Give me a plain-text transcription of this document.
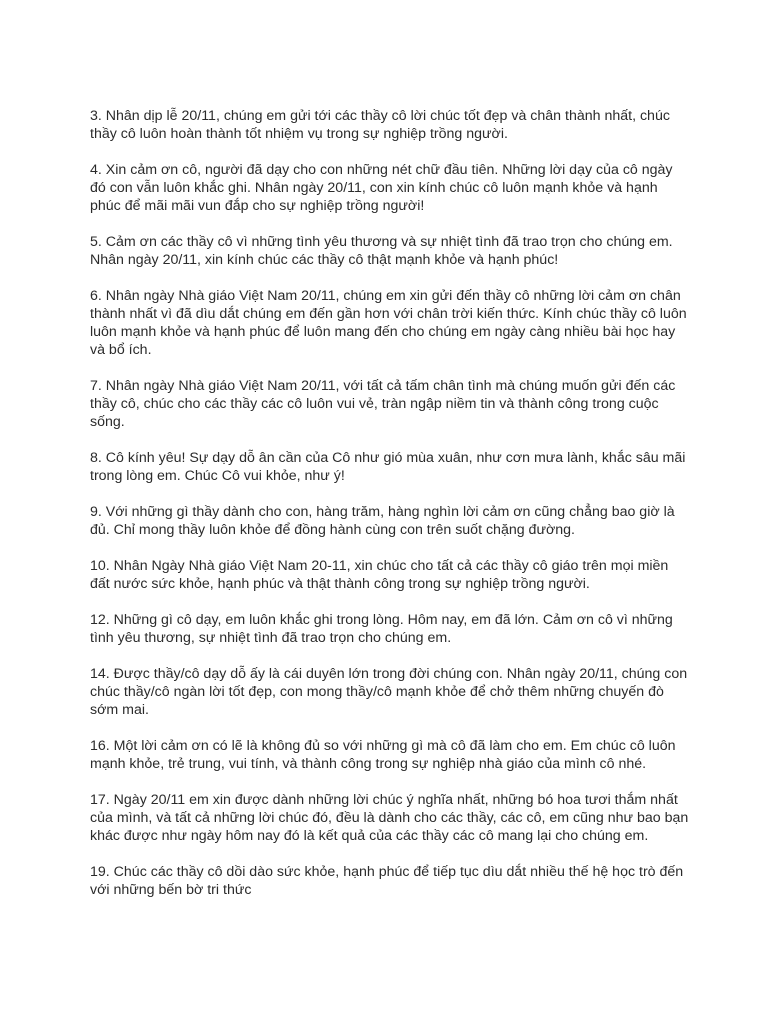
3. Nhân dịp lễ 20/11, chúng em gửi tới các thầy cô lời chúc tốt đẹp và chân thành nhất, chúc thầy cô luôn hoàn thành tốt nhiệm vụ trong sự nghiệp trồng người.

4. Xin cảm ơn cô, người đã dạy cho con những nét chữ đầu tiên. Những lời dạy của cô ngày đó con vẫn luôn khắc ghi. Nhân ngày 20/11, con xin kính chúc cô luôn mạnh khỏe và hạnh phúc để mãi mãi vun đắp cho sự nghiệp trồng người!

5. Cảm ơn các thầy cô vì những tình yêu thương và sự nhiệt tình đã trao trọn cho chúng em. Nhân ngày 20/11, xin kính chúc các thầy cô thật mạnh khỏe và hạnh phúc!

6. Nhân ngày Nhà giáo Việt Nam 20/11, chúng em xin gửi đến thầy cô những lời cảm ơn chân thành nhất vì đã dìu dắt chúng em đến gần hơn với chân trời kiến thức. Kính chúc thầy cô luôn luôn mạnh khỏe và hạnh phúc để luôn mang đến cho chúng em ngày càng nhiều bài học hay và bổ ích.

7. Nhân ngày Nhà giáo Việt Nam 20/11, với tất cả tấm chân tình mà chúng muốn gửi đến các thầy cô, chúc cho các thầy các cô luôn vui vẻ, tràn ngập niềm tin và thành công trong cuộc sống.

8. Cô kính yêu! Sự dạy dỗ ân cần của Cô như gió mùa xuân, như cơn mưa lành, khắc sâu mãi trong lòng em. Chúc Cô vui khỏe, như ý!

9. Với những gì thầy dành cho con, hàng trăm, hàng nghìn lời cảm ơn cũng chẳng bao giờ là đủ. Chỉ mong thầy luôn khỏe để đồng hành cùng con trên suốt chặng đường.

10. Nhân Ngày Nhà giáo Việt Nam 20-11, xin chúc cho tất cả các thầy cô giáo trên mọi miền đất nước sức khỏe, hạnh phúc và thật thành công trong sự nghiệp trồng người.

12. Những gì cô dạy, em luôn khắc ghi trong lòng. Hôm nay, em đã lớn. Cảm ơn cô vì những tình yêu thương, sự nhiệt tình đã trao trọn cho chúng em.

14. Được thầy/cô dạy dỗ ấy là cái duyên lớn trong đời chúng con. Nhân ngày 20/11, chúng con chúc thầy/cô ngàn lời tốt đẹp, con mong thầy/cô mạnh khỏe để chở thêm những chuyến đò sớm mai.

16. Một lời cảm ơn có lẽ là không đủ so với những gì mà cô đã làm cho em. Em chúc cô luôn mạnh khỏe, trẻ trung, vui tính, và thành công trong sự nghiệp nhà giáo của mình cô nhé.

17. Ngày 20/11 em xin được dành những lời chúc ý nghĩa nhất, những bó hoa tươi thắm nhất của mình, và tất cả những lời chúc đó, đều là dành cho các thầy, các cô, em cũng như bao bạn khác được như ngày hôm nay đó là kết quả của các thầy các cô mang lại cho chúng em.

19. Chúc các thầy cô dồi dào sức khỏe, hạnh phúc để tiếp tục dìu dắt nhiều thế hệ học trò đến với những bến bờ tri thức
